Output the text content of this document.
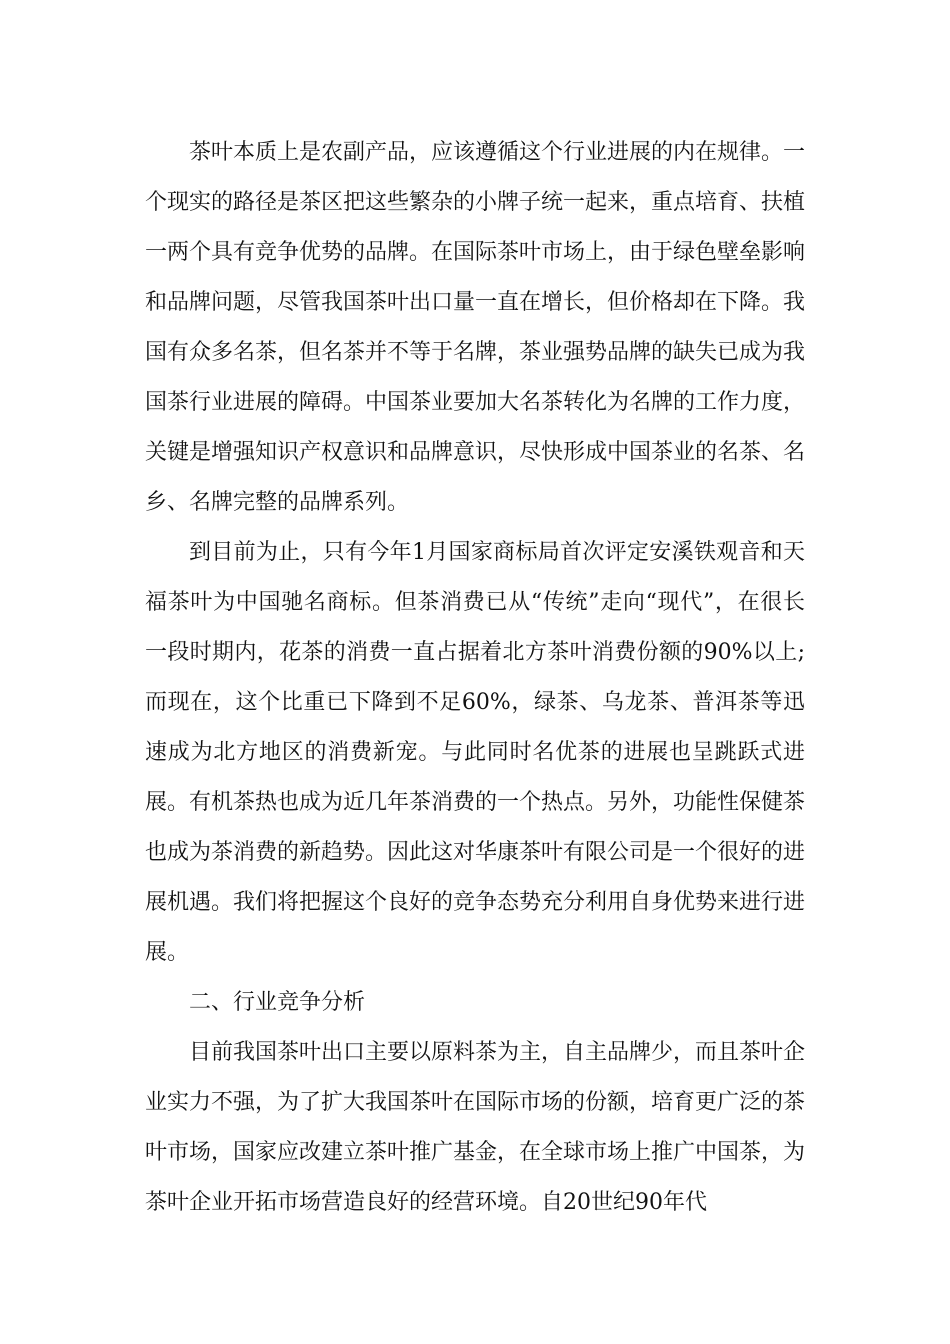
茶叶本质上是农副产品，应该遵循这个行业进展的内在规律。一个现实的路径是茶区把这些繁杂的小牌子统一起来，重点培育、扶植一两个具有竞争优势的品牌。在国际茶叶市场上，由于绿色壁垒影响和品牌问题，尽管我国茶叶出口量一直在增长，但价格却在下降。我国有众多名茶，但名茶并不等于名牌，茶业强势品牌的缺失已成为我国茶行业进展的障碍。中国茶业要加大名茶转化为名牌的工作力度，关键是增强知识产权意识和品牌意识，尽快形成中国茶业的名茶、名乡、名牌完整的品牌系列。

到目前为止，只有今年1月国家商标局首次评定安溪铁观音和天福茶叶为中国驰名商标。但茶消费已从“传统”走向“现代”，在很长一段时期内，花茶的消费一直占据着北方茶叶消费份额的90%以上;而现在，这个比重已下降到不足60%，绿茶、乌龙茶、普洱茶等迅速成为北方地区的消费新宠。与此同时名优茶的进展也呈跳跃式进展。有机茶热也成为近几年茶消费的一个热点。另外，功能性保健茶也成为茶消费的新趋势。因此这对华康茶叶有限公司是一个很好的进展机遇。我们将把握这个良好的竞争态势充分利用自身优势来进行进展。

二、行业竞争分析

目前我国茶叶出口主要以原料茶为主，自主品牌少，而且茶叶企业实力不强，为了扩大我国茶叶在国际市场的份额，培育更广泛的茶叶市场，国家应改建立茶叶推广基金，在全球市场上推广中国茶，为茶叶企业开拓市场营造良好的经营环境。自20世纪90年代
